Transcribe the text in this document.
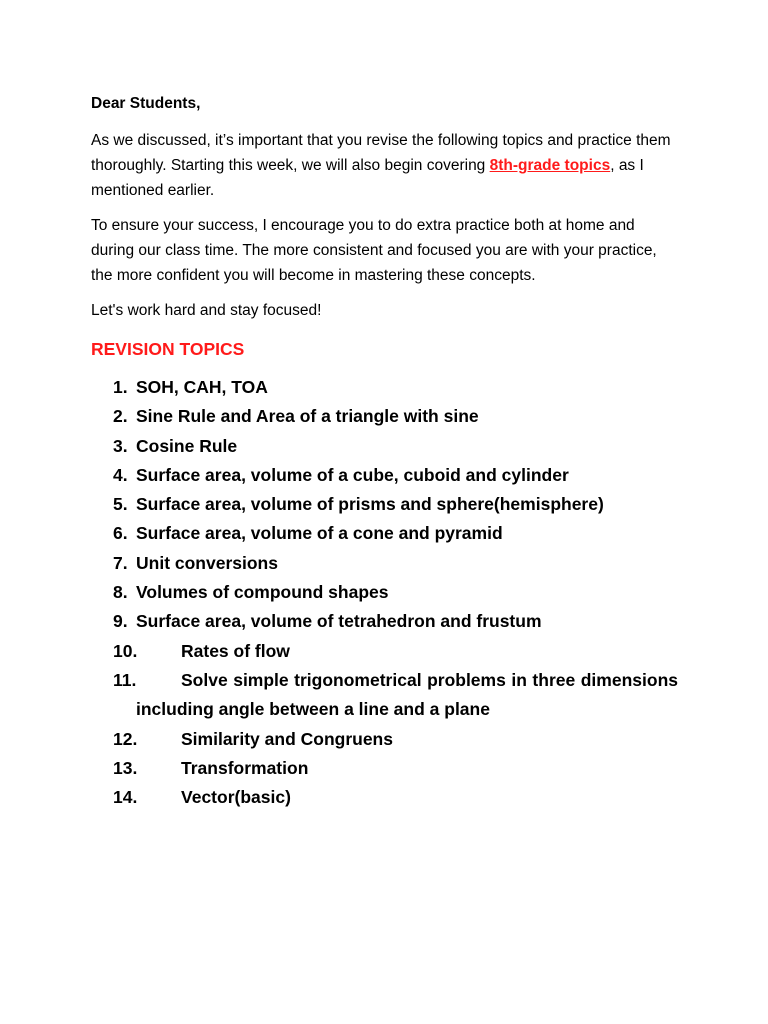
Dear Students,

As we discussed, it’s important that you revise the following topics and practice them thoroughly. Starting this week, we will also begin covering 8th-grade topics, as I mentioned earlier.

To ensure your success, I encourage you to do extra practice both at home and during our class time. The more consistent and focused you are with your practice, the more confident you will become in mastering these concepts.

Let's work hard and stay focused!

REVISION TOPICS
1. SOH, CAH, TOA
2. Sine Rule and Area of a triangle with sine
3. Cosine Rule
4. Surface area, volume of a cube, cuboid and cylinder
5. Surface area, volume of prisms and sphere(hemisphere)
6. Surface area, volume of a cone and pyramid
7. Unit conversions
8. Volumes of compound shapes
9. Surface area, volume of tetrahedron and frustum
10.	Rates of flow
11.	Solve simple trigonometrical problems in three dimensions including angle between a line and a plane
12.	Similarity and Congruens
13.	Transformation
14.	Vector(basic)
